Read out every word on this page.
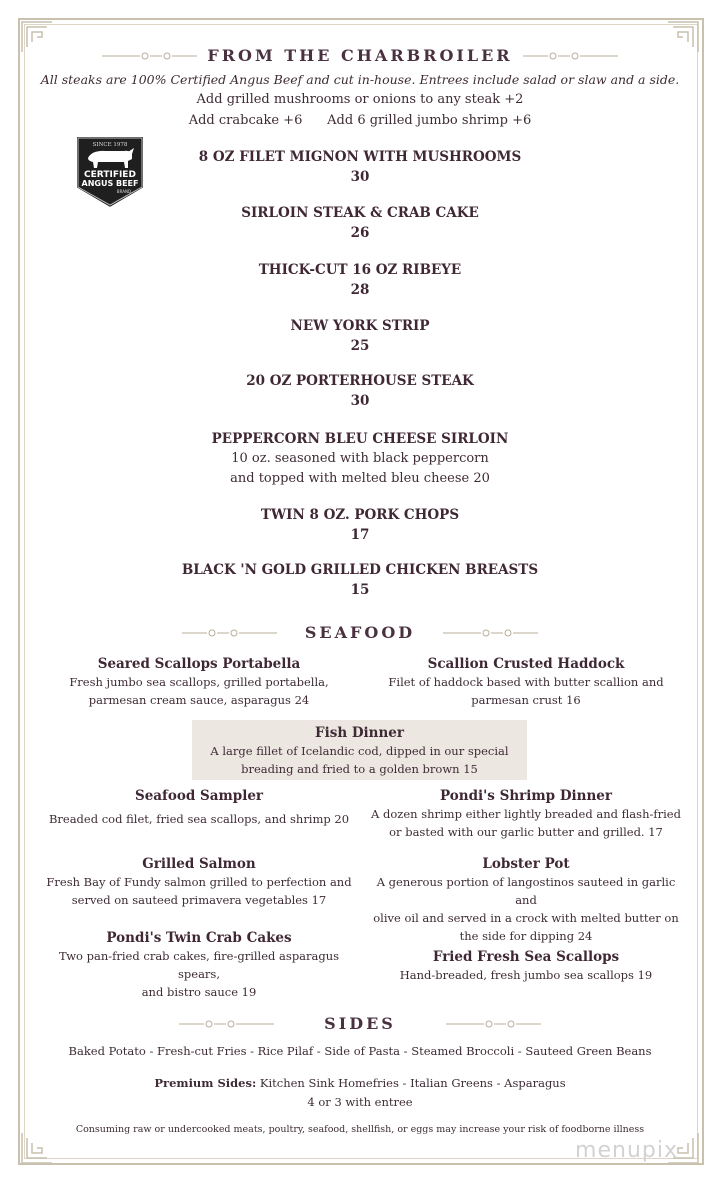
FROM THE CHARBROILER
All steaks are 100% Certified Angus Beef and cut in-house. Entrees include salad or slaw and a side.
Add grilled mushrooms or onions to any steak +2
Add crabcake +6 Add 6 grilled jumbo shrimp +6
SINCE 1978
CERTIFIED
ANGUS BEEF
BRAND
8 OZ FILET MIGNON WITH MUSHROOMS
30
SIRLOIN STEAK & CRAB CAKE
26
THICK-CUT 16 OZ RIBEYE
28
NEW YORK STRIP
25
20 OZ PORTERHOUSE STEAK
30
PEPPERCORN BLEU CHEESE SIRLOIN
10 oz. seasoned with black peppercorn
and topped with melted bleu cheese 20
TWIN 8 OZ. PORK CHOPS
17
BLACK 'N GOLD GRILLED CHICKEN BREASTS
15
SEAFOOD
Seared Scallops Portabella
Fresh jumbo sea scallops, grilled portabella,
parmesan cream sauce, asparagus 24
Scallion Crusted Haddock
Filet of haddock based with butter scallion and
parmesan crust 16
Fish Dinner
A large fillet of Icelandic cod, dipped in our special
breading and fried to a golden brown 15
Seafood Sampler
Breaded cod filet, fried sea scallops, and shrimp 20
Pondi's Shrimp Dinner
A dozen shrimp either lightly breaded and flash-fried
or basted with our garlic butter and grilled. 17
Grilled Salmon
Fresh Bay of Fundy salmon grilled to perfection and
served on sauteed primavera vegetables 17
Lobster Pot
A generous portion of langostinos sauteed in garlic and
olive oil and served in a crock with melted butter on
the side for dipping 24
Pondi's Twin Crab Cakes
Two pan-fried crab cakes, fire-grilled asparagus spears,
and bistro sauce 19
Fried Fresh Sea Scallops
Hand-breaded, fresh jumbo sea scallops 19
SIDES
Baked Potato - Fresh-cut Fries - Rice Pilaf - Side of Pasta - Steamed Broccoli - Sauteed Green Beans
Premium Sides: Kitchen Sink Homefries - Italian Greens - Asparagus
4 or 3 with entree
Consuming raw or undercooked meats, poultry, seafood, shellfish, or eggs may increase your risk of foodborne illness
menupix
